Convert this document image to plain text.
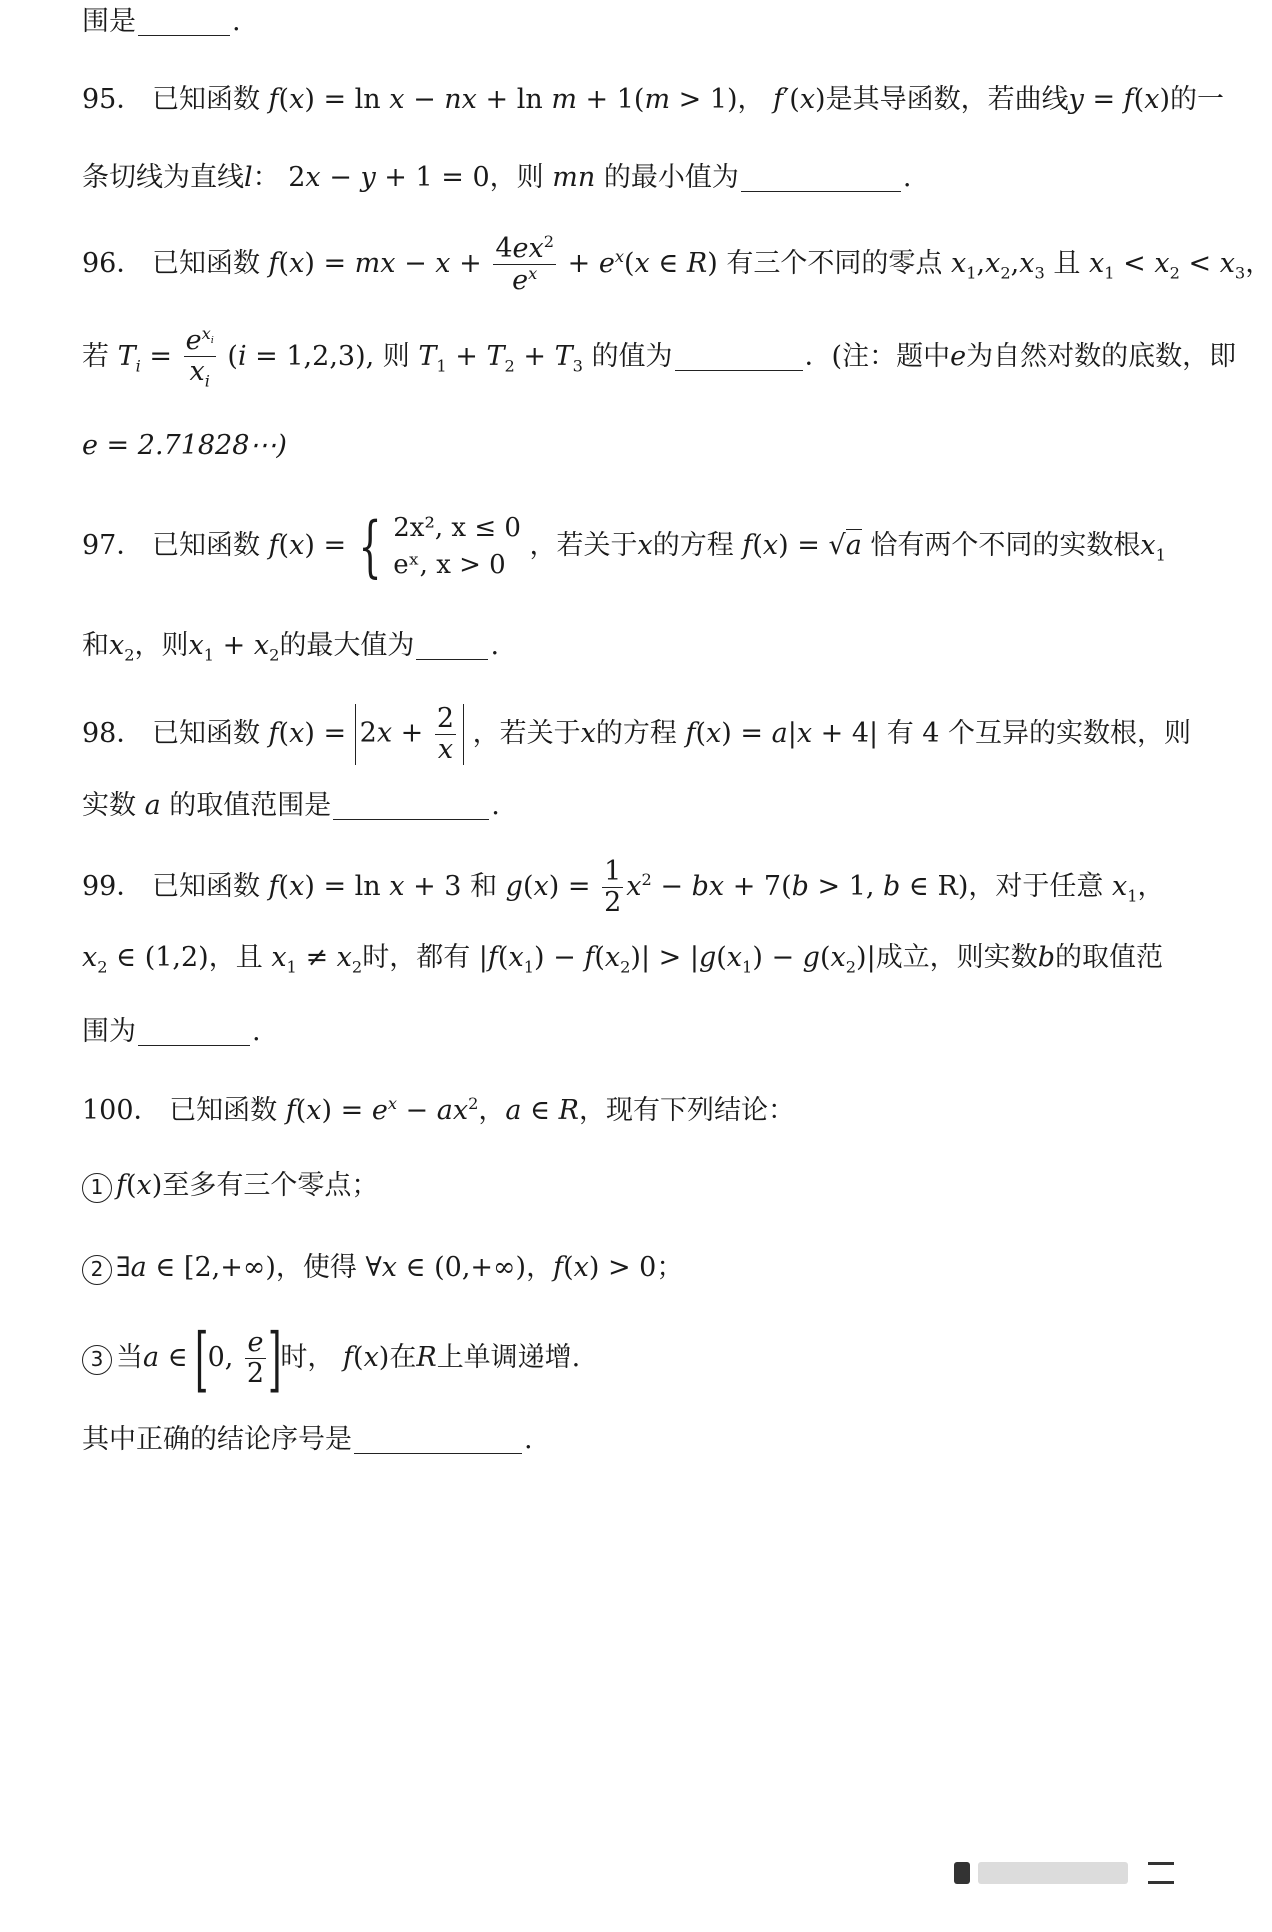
围是	.
95． 已知函数 f(x) = ln x − nx + ln m + 1(m > 1)， f′(x)是其导函数，若曲线y = f(x)的一
条切线为直线l： 2x − y + 1 = 0，则 mn 的最小值为	.
96． 已知函数 f(x) = mx − $x + \frac{4ex^2}{e^x} + e^x(x$ ∈ R) 有三个不同的零点 $x_1,x_2,x_3$ 且 $x_1 < x_2 < x_3$，
若 $T_i = \frac{e^{x_i}}{x_i} (i = 1,2,3)$, 则 $T_1 + T_2 + T_3$ 的值为	．(注：题中e为自然对数的底数，即
e = 2.71828⋯)
97． 已知函数 f(x) = { 2x², x ≤ 0
eˣ, x > 0
，若关于x的方程 f(x) = √a 恰有两个不同的实数根$x_1$
和$x_2$，则$x_1 + x_2$的最大值为	.
98． 已知函数 $f(x) = 2x + \frac{2}{x}$ ，若关于x的方程 f(x) = a|x + 4| 有 4 个互异的实数根，则
实数 a 的取值范围是	.
99． 已知函数 f(x) = ln x + 3 和 $g(x) = \frac{1}{2} x^2$ − bx + 7(b > 1, b ∈ R)，对于任意 $x_1$，
$x_2$ ∈ (1,2)，且 $x_1 \ne x_2$时，都有 $|f(x_1) - f(x_2)| > |g(x_1) - g(x_2)|$成立，则实数b的取值范
围为	.
100． 已知函数 $f(x) = e^x - ax^2$，a ∈ R，现有下列结论：
1 f(x)至多有三个零点；
2 ∃a ∈ [2,+∞)，使得 ∀x ∈ (0,+∞)，f(x) > 0；
3 当a ∈ [0, $\frac{e}{2}$ ]时， f(x)在R上单调递增.
其中正确的结论序号是	.
